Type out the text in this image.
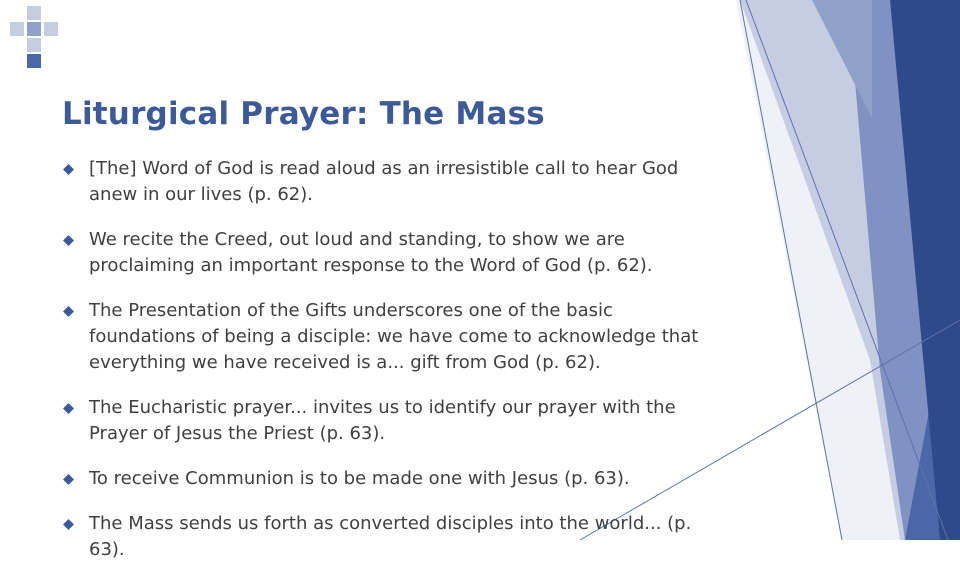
Liturgical Prayer: The Mass
[The] Word of God is read aloud as an irresistible call to hear God anew in our lives (p. 62).
We recite the Creed, out loud and standing, to show we are proclaiming an important response to the Word of God (p. 62).
The Presentation of the Gifts underscores one of the basic foundations of being a disciple: we have come to acknowledge that everything we have received is a... gift from God (p. 62).
The Eucharistic prayer... invites us to identify our prayer with the Prayer of Jesus the Priest (p. 63).
To receive Communion is to be made one with Jesus (p. 63).
The Mass sends us forth as converted disciples into the world... (p. 63).
